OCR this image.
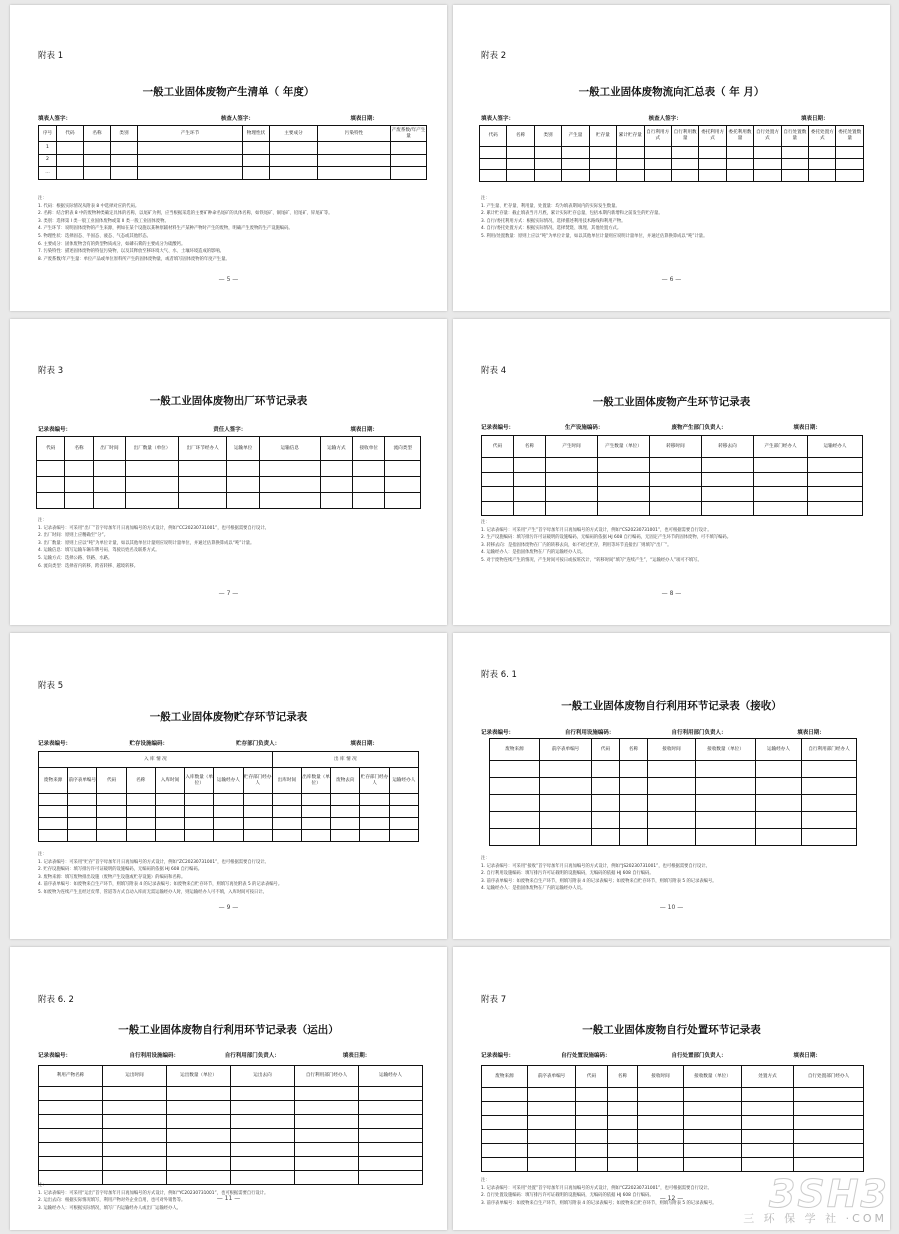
附表 1
一般工业固体废物产生清单（ 年度）
填表人签字：	核查人签字：	填表日期：
序号	代码	名称	类别	产生环节	物理性状	主要成分	污染特性	产废系数/年产生量
1								
2								
…								
注：
1. 代码：根据实际情况从附表 8 中选择对应的代码。
2. 名称：结合附表 8 中的废物种类确定具体的名称，以尾矿为例，应当根据采选的主要矿种命名尾矿的具体名称，如铁尾矿、铜尾矿、铅尾矿、锌尾矿等。
3. 类别：选择第 I 类一般工业固体废物或第 II 类一般工业固体废物。
4. 产生环节：说明固体废物的产生来源，例如在某个设施以某种原辅材料生产某种产物时产生的废物，明确产生废物的生产设施编码。
5. 物理性状：选择固态、半固态、液态、气态或其他形态。
6. 主要成分：固体废物含有的典型物质成分，如磷石膏的主要成分为硫酸钙。
7. 污染特性：描述固体废物的特征污染物，以及其释放至移环境大气、水、土壤环境造成的影响。
8. 产废系数/年产生量：单位产品或单位原料所产生的固体废物量，或者填写固体废物的年度产生量。
— 5 —
附表 2
一般工业固体废物流向汇总表（ 年 月）
填表人签字：	核查人签字：	填表日期：
代码	名称	类别	产生量	贮存量	累计贮存量	自行利用方式	自行利用数量	委托利用方式	委托利用数量	自行处置方式	自行处置数量	委托处置方式	委托处置数量

注：
1. 产生量、贮存量、利用量、处置量：均为填表期间内的实际发生数量。
2. 累计贮存量：截止填表当月月底，累计实际贮存总量，包括本期内新增和之前发生的贮存量。
3. 自行/委托利用方式：根据实际情况，选择描述利用技术路线和利用产物。
4. 自行/委托处置方式：根据实际情况，选择焚烧、填埋、其他处置方式。
5. 利用/处置数量：原则上应以“吨”为单位计量，如以其他单位计量则应说明计量单位，并通过估算换算成以“吨”计量。
— 6 —
附表 3
一般工业固体废物出厂环节记录表
记录表编号：	责任人签字：	填表日期：
代码	名称	出厂时间	出厂数量（单位）	出厂环节经办人	运输单位	运输信息	运输方式	接收单位	流向类型

注：
1. 记录表编号：可采用“出厂”首字母加年月日再加编号的方式设计，例如“CC20230731001”，也可根据需要自行设计。
2. 出厂时间：原则上应精确至“分”。
3. 出厂数量：原则上应以“吨”为单位计量，如以其他单位计量则应说明计量单位，并通过估算换算成以“吨”计量。
4. 运输信息：填写运输车辆车牌号码、驾驶员姓名及联系方式。
5. 运输方式：选择公路、铁路、水路。
6. 流向类型：选择省内转移、跨省转移、越境转移。
— 7 —
附表 4
一般工业固体废物产生环节记录表
记录表编号：	生产设施编码：	废物产生部门负责人：	填表日期：
代码	名称	产生时间	产生数量（单位）	转移时间	转移去向	产生部门经办人	运输经办人

注：
1. 记录表编号：可采用“产生”首字母加年月日再加编号的方式设计，例如“CS20230731001”，也可根据需要自行设计。
2. 生产设施编码：填写排污许可证载明的设施编码，无编码的依据 HJ 608 自行编码，无固定产生环节的固体废物，可不填写编码。
3. 转移去向：是指固体废物在厂内的转移去向，如不经过贮存，利用等环节直接出厂则填写“出厂”。
4. 运输经办人：是指固体废物在厂内的运输经办人员。
5. 对于废物连续产生的情况，产生时间可按日或按班次计，“转移时间”填写“连续产生”，“运输经办人”项可不填写。
— 8 —
附表 5
一般工业固体废物贮存环节记录表
记录表编号：	贮存设施编码：	贮存部门负责人：	填表日期：
入 库 情 况								出 库 情 况				
废物来源	前序表单编号	代码	名称	入库时间	入库数量（单位）	运输经办人	贮存部门经办人	出库时间	出库数量（单位）	废物去向	贮存部门经办人	运输经办人

注：
1. 记录表编号：可采用“贮存”首字母加年月日再加编号的方式设计，例如“ZC20230731001”，也可根据需要自行设计。
2. 贮存设施编码：填写排污许可证载明的设施编码，无编码的依据 HJ 608 自行编码。
3. 废物来源：填写废物排出设施（废物产生设施或贮存设施）的编码和名称。
4. 前序表单编号：如废物来自生产环节，则填写附表 4 的记录表编号；如废物来自贮存环节，则填写再处附表 5 的记录表编号。
5. 如废物为连续产生且经过皮带、管道等方式自动入库而无需运输经办人时，则运输经办人可不填，入库时间可按日计。
— 9 —
附表 6. 1
一般工业固体废物自行利用环节记录表（接收）
记录表编号：	自行利用设施编码：	自行利用部门负责人：	填表日期：
废物来源	前序表单编号	代码	名称	接收时间	接收数量（单位）	运输经办人	自行利用部门经办人

注：
1. 记录表编号：可采用“接收”首字母加年月日再加编号的方式设计，例如“JS20230731001”，也可根据需要自行设计。
2. 自行利用设施编码：填写排污许可证载明的设施编码，无编码的依据 HJ 608 自行编码。
3. 前序表单编号：如废物来自生产环节，则填写附表 4 的记录表编号；如废物来自贮存环节，则填写附表 5 的记录表编号。
4. 运输经办人：是指固体废物在厂内的运输经办人员。
— 10 —
附表 6. 2
一般工业固体废物自行利用环节记录表（运出）
记录表编号：	自行利用设施编码：	自行利用部门负责人：	填表日期：
利用产物名称	运出时间	运出数量（单位）	运出去向	自行利用部门经办人	运输经办人

注：
1. 记录表编号：可采用“运出”首字母加年月日再加编号的方式设计，例如“YC20230731001”，也可根据需要自行设计。
2. 运出去向：根据实际情况填写，利用产物对外企业自用，也可对外销售等。
3. 运输经办人：可根据实际情况，填写厂内运输经办人或出厂运输经办人。
— 11 —
附表 7
一般工业固体废物自行处置环节记录表
记录表编号：	自行处置设施编码：	自行处置部门负责人：	填表日期：
废物来源	前序表单编号	代码	名称	接收时间	接收数量（单位）	处置方式	自行处置部门经办人

注：
1. 记录表编号：可采用“处置”首字母加年月日再加编号的方式设计，例如“CZ20230731001”，也可根据需要自行设计。
2. 自行处置设施编码：填写排污许可证载明的设施编码，无编码的依据 HJ 608 自行编码。
3. 前序表单编号：如废物来自生产环节，则填写附表 4 的记录表编号；如废物来自贮存环节，则填写附表 5 的记录表编号。
— 12 —	3SH3
三 环 保 学 社 ·COM
